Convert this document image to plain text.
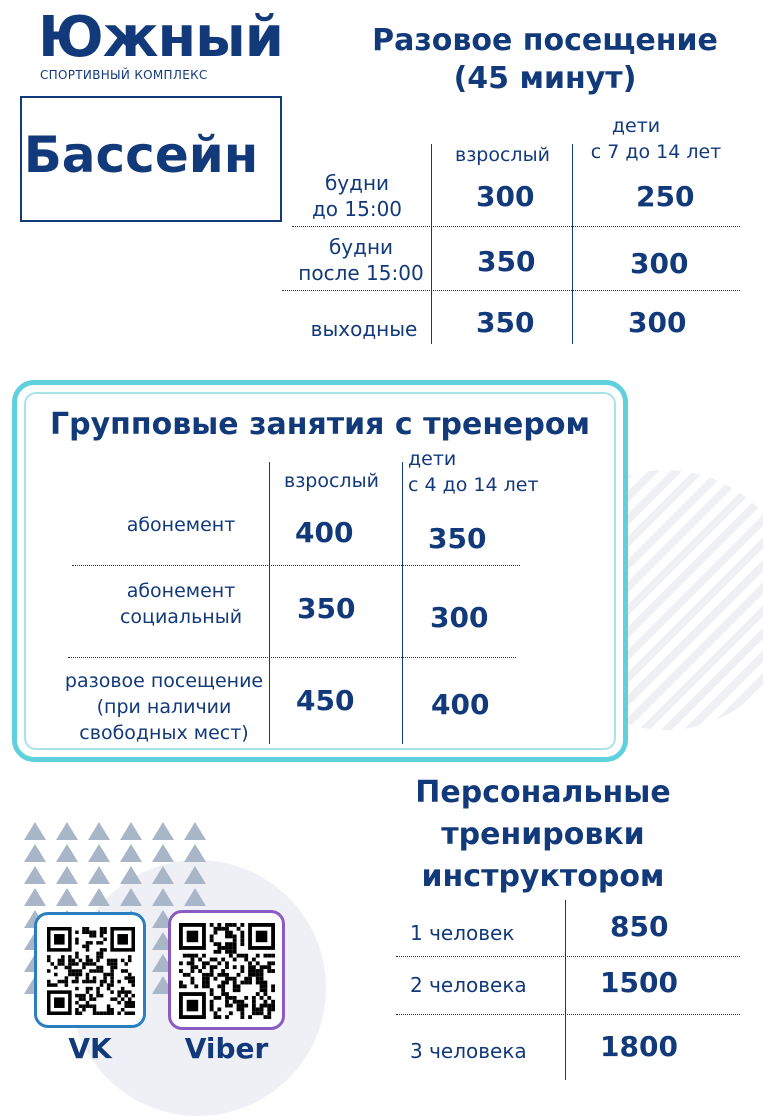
Южный
СПОРТИВНЫЙ КОМПЛЕКС
Бассейн
Разовое посещение
(45 минут)
взрослый
дети
с 7 до 14 лет
будни
до 15:00	300	250
будни
после 15:00 350	300
выходные	350	300
Групповые занятия с тренером
взрослый
дети
с 4 до 14 лет
абонемент	400	350
абонемент
социальный	350	300
разовое посещение
(при наличии
свободных мест)
450	400
Персональные
тренировки
инструктором
1 человек	850
2 человека	1500
3 человека	1800
VK	Viber
